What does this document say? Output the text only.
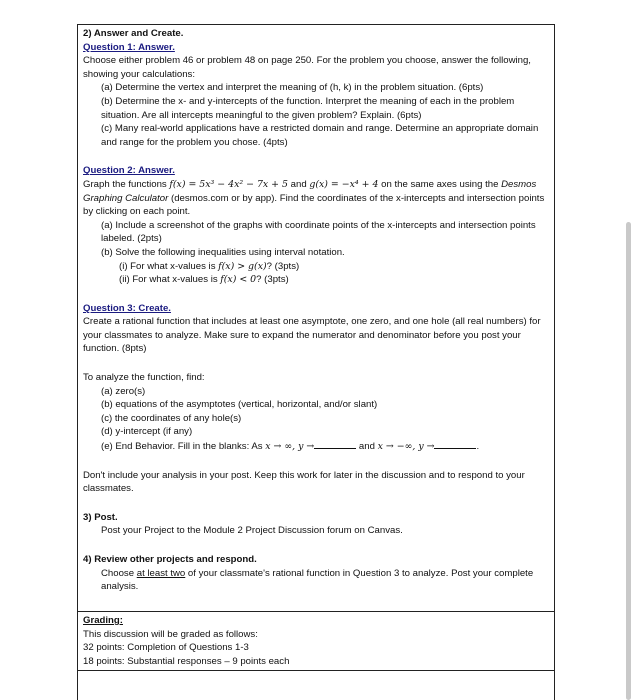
2) Answer and Create.
Question 1: Answer.
Choose either problem 46 or problem 48 on page 250. For the problem you choose, answer the following, showing your calculations:
(a) Determine the vertex and interpret the meaning of (h, k) in the problem situation. (6pts)
(b) Determine the x- and y-intercepts of the function. Interpret the meaning of each in the problem situation. Are all intercepts meaningful to the given problem? Explain. (6pts)
(c) Many real-world applications have a restricted domain and range. Determine an appropriate domain and range for the problem you chose. (4pts)
Question 2: Answer.
Graph the functions f(x) = 5x³ − 4x² − 7x + 5 and g(x) = −x⁴ + 4 on the same axes using the Desmos Graphing Calculator (desmos.com or by app). Find the coordinates of the x-intercepts and intersection points by clicking on each point.
(a) Include a screenshot of the graphs with coordinate points of the x-intercepts and intersection points labeled. (2pts)
(b) Solve the following inequalities using interval notation.
(i) For what x-values is f(x) > g(x)? (3pts)
(ii) For what x-values is f(x) < 0? (3pts)
Question 3: Create.
Create a rational function that includes at least one asymptote, one zero, and one hole (all real numbers) for your classmates to analyze. Make sure to expand the numerator and denominator before you post your function. (8pts)
To analyze the function, find:
(a) zero(s)
(b) equations of the asymptotes (vertical, horizontal, and/or slant)
(c) the coordinates of any hole(s)
(d) y-intercept (if any)
(e) End Behavior. Fill in the blanks: As x → ∞, y →	and x → −∞, y →	.
Don't include your analysis in your post. Keep this work for later in the discussion and to respond to your classmates.
3) Post.
Post your Project to the Module 2 Project Discussion forum on Canvas.
4) Review other projects and respond.
Choose at least two of your classmate's rational function in Question 3 to analyze. Post your complete analysis.
Grading:
This discussion will be graded as follows:
32 points: Completion of Questions 1-3
18 points: Substantial responses – 9 points each
